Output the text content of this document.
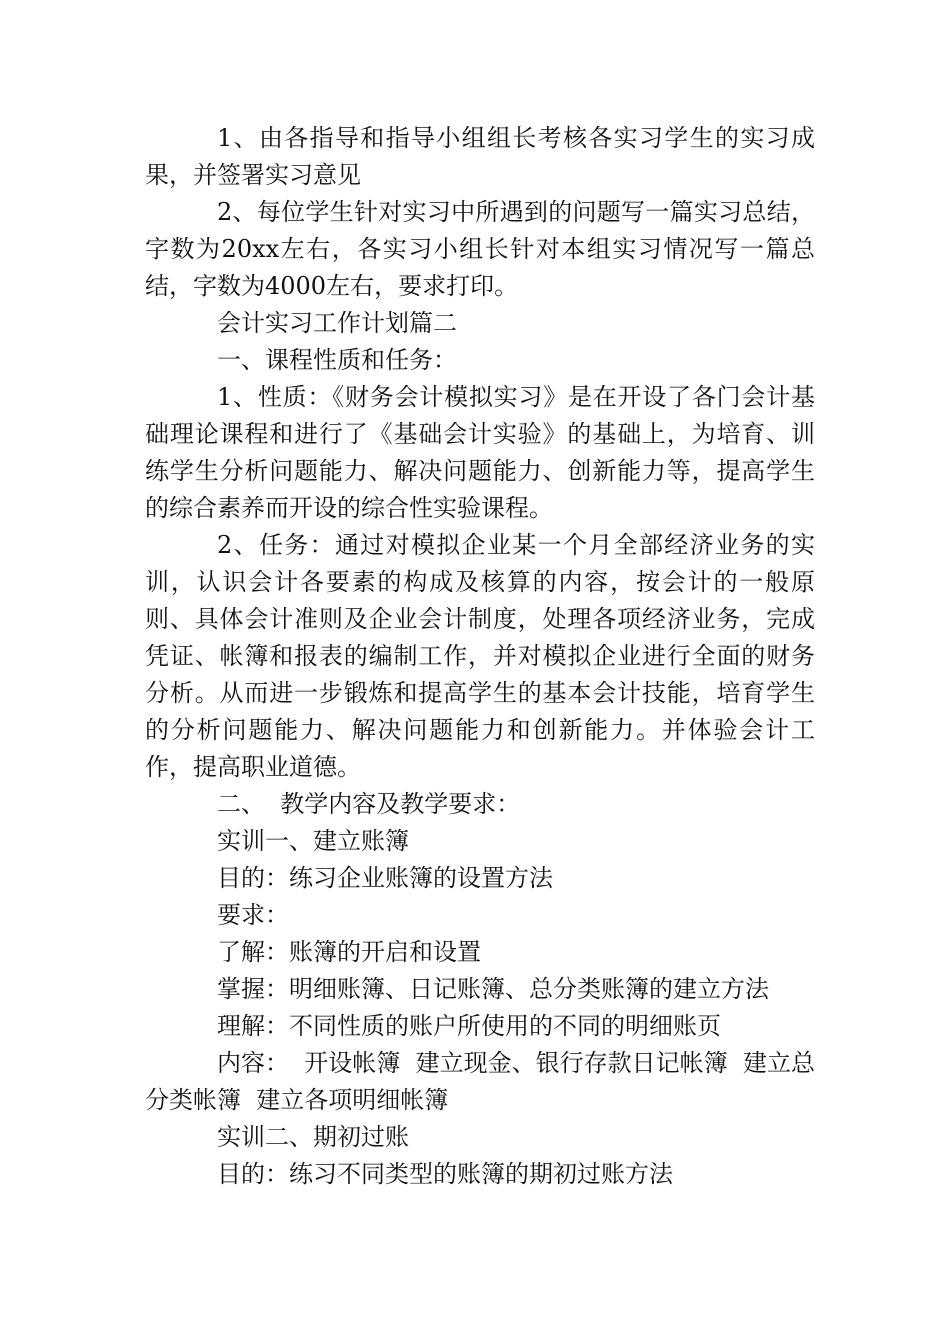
1、由各指导和指导小组组长考核各实习学生的实习成果，并签署实习意见

2、每位学生针对实习中所遇到的问题写一篇实习总结，字数为20xx左右，各实习小组长针对本组实习情况写一篇总结，字数为4000左右，要求打印。

会计实习工作计划篇二

一、课程性质和任务：

1、性质：《财务会计模拟实习》是在开设了各门会计基础理论课程和进行了《基础会计实验》的基础上，为培育、训练学生分析问题能力、解决问题能力、创新能力等，提高学生的综合素养而开设的综合性实验课程。

2、任务：通过对模拟企业某一个月全部经济业务的实训，认识会计各要素的构成及核算的内容，按会计的一般原则、具体会计准则及企业会计制度，处理各项经济业务，完成凭证、帐簿和报表的编制工作，并对模拟企业进行全面的财务分析。从而进一步锻炼和提高学生的基本会计技能，培育学生的分析问题能力、解决问题能力和创新能力。并体验会计工作，提高职业道德。

二、  教学内容及教学要求：

实训一、建立账簿

目的：练习企业账簿的设置方法

要求：

了解：账簿的开启和设置

掌握：明细账簿、日记账簿、总分类账簿的建立方法

理解：不同性质的账户所使用的不同的明细账页

内容：  开设帐簿  建立现金、银行存款日记帐簿  建立总分类帐簿  建立各项明细帐簿

实训二、期初过账

目的：练习不同类型的账簿的期初过账方法
